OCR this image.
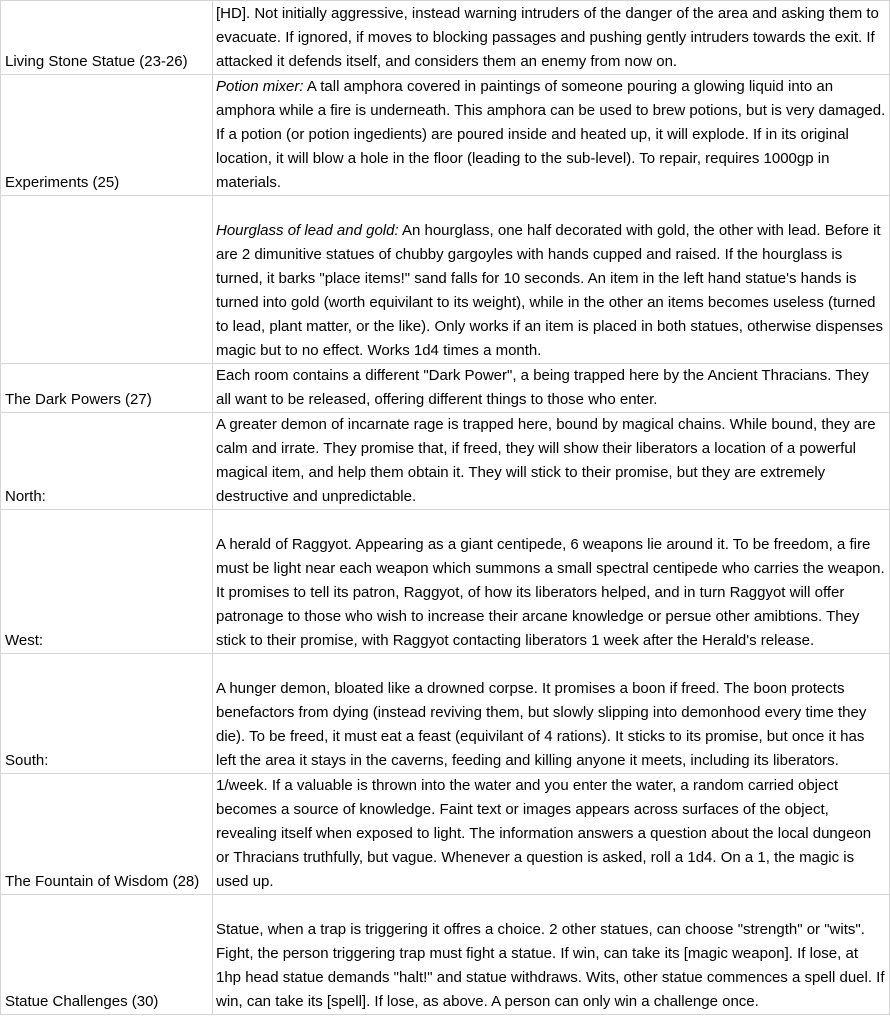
Living Stone Statue (23-26)	[HD]. Not initially aggressive, instead warning intruders of the danger of the area and asking them to evacuate. If ignored, if moves to blocking passages and pushing gently intruders towards the exit. If attacked it defends itself, and considers them an enemy from now on.
Experiments (25)	Potion mixer: A tall amphora covered in paintings of someone pouring a glowing liquid into an amphora while a fire is underneath. This amphora can be used to brew potions, but is very damaged. If a potion (or potion ingedients) are poured inside and heated up, it will explode. If in its original location, it will blow a hole in the floor (leading to the sub-level). To repair, requires 1000gp in materials.
	Hourglass of lead and gold: An hourglass, one half decorated with gold, the other with lead. Before it are 2 dimunitive statues of chubby gargoyles with hands cupped and raised. If the hourglass is turned, it barks "place items!" sand falls for 10 seconds. An item in the left hand statue's hands is turned into gold (worth equivilant to its weight), while in the other an items becomes useless (turned to lead, plant matter, or the like). Only works if an item is placed in both statues, otherwise dispenses magic but to no effect. Works 1d4 times a month.
The Dark Powers (27)	Each room contains a different "Dark Power", a being trapped here by the Ancient Thracians. They all want to be released, offering different things to those who enter.
North:	A greater demon of incarnate rage is trapped here, bound by magical chains. While bound, they are calm and irrate. They promise that, if freed, they will show their liberators a location of a powerful magical item, and help them obtain it. They will stick to their promise, but they are extremely destructive and unpredictable.
West:	A herald of Raggyot. Appearing as a giant centipede, 6 weapons lie around it. To be freedom, a fire must be light near each weapon which summons a small spectral centipede who carries the weapon. It promises to tell its patron, Raggyot, of how its liberators helped, and in turn Raggyot will offer patronage to those who wish to increase their arcane knowledge or persue other amibtions. They stick to their promise, with Raggyot contacting liberators 1 week after the Herald's release.
South:	A hunger demon, bloated like a drowned corpse. It promises a boon if freed. The boon protects benefactors from dying (instead reviving them, but slowly slipping into demonhood every time they die). To be freed, it must eat a feast (equivilant of 4 rations). It sticks to its promise, but once it has left the area it stays in the caverns, feeding and killing anyone it meets, including its liberators.
The Fountain of Wisdom (28)	1/week. If a valuable is thrown into the water and you enter the water, a random carried object becomes a source of knowledge. Faint text or images appears across surfaces of the object, revealing itself when exposed to light. The information answers a question about the local dungeon or Thracians truthfully, but vague. Whenever a question is asked, roll a 1d4. On a 1, the magic is used up.
Statue Challenges (30)	Statue, when a trap is triggering it offres a choice. 2 other statues, can choose "strength" or "wits". Fight, the person triggering trap must fight a statue. If win, can take its [magic weapon]. If lose, at 1hp head statue demands "halt!" and statue withdraws. Wits, other statue commences a spell duel. If win, can take its [spell]. If lose, as above. A person can only win a challenge once.
